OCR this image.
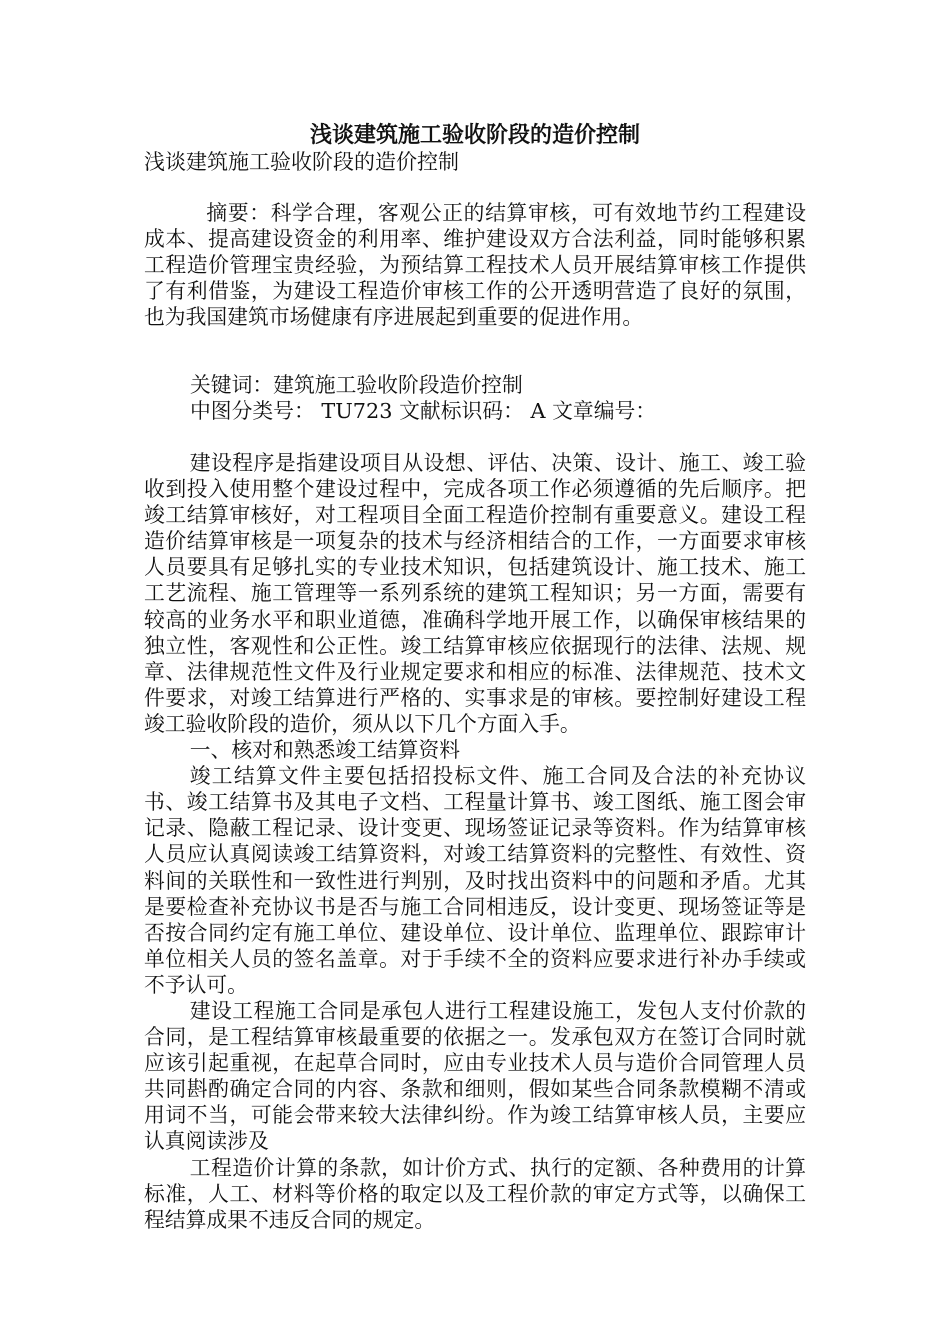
浅谈建筑施工验收阶段的造价控制
浅谈建筑施工验收阶段的造价控制

摘要：科学合理，客观公正的结算审核，可有效地节约工程建设成本、提高建设资金的利用率、维护建设双方合法利益，同时能够积累工程造价管理宝贵经验，为预结算工程技术人员开展结算审核工作提供了有利借鉴，为建设工程造价审核工作的公开透明营造了良好的氛围，也为我国建筑市场健康有序进展起到重要的促进作用。

关键词：建筑施工验收阶段造价控制
中图分类号： TU723 文献标识码： A 文章编号：

建设程序是指建设项目从设想、评估、决策、设计、施工、竣工验收到投入使用整个建设过程中，完成各项工作必须遵循的先后顺序。把竣工结算审核好，对工程项目全面工程造价控制有重要意义。建设工程造价结算审核是一项复杂的技术与经济相结合的工作，一方面要求审核人员要具有足够扎实的专业技术知识，包括建筑设计、施工技术、施工工艺流程、施工管理等一系列系统的建筑工程知识；另一方面，需要有较高的业务水平和职业道德，准确科学地开展工作，以确保审核结果的独立性，客观性和公正性。竣工结算审核应依据现行的法律、法规、规章、法律规范性文件及行业规定要求和相应的标准、法律规范、技术文件要求，对竣工结算进行严格的、实事求是的审核。要控制好建设工程竣工验收阶段的造价，须从以下几个方面入手。

一、核对和熟悉竣工结算资料

竣工结算文件主要包括招投标文件、施工合同及合法的补充协议书、竣工结算书及其电子文档、工程量计算书、竣工图纸、施工图会审记录、隐蔽工程记录、设计变更、现场签证记录等资料。作为结算审核人员应认真阅读竣工结算资料，对竣工结算资料的完整性、有效性、资料间的关联性和一致性进行判别，及时找出资料中的问题和矛盾。尤其是要检查补充协议书是否与施工合同相违反，设计变更、现场签证等是否按合同约定有施工单位、建设单位、设计单位、监理单位、跟踪审计单位相关人员的签名盖章。对于手续不全的资料应要求进行补办手续或不予认可。

建设工程施工合同是承包人进行工程建设施工，发包人支付价款的合同，是工程结算审核最重要的依据之一。发承包双方在签订合同时就应该引起重视，在起草合同时，应由专业技术人员与造价合同管理人员共同斟酌确定合同的内容、条款和细则，假如某些合同条款模糊不清或用词不当，可能会带来较大法律纠纷。作为竣工结算审核人员，主要应认真阅读涉及

工程造价计算的条款，如计价方式、执行的定额、各种费用的计算标准，人工、材料等价格的取定以及工程价款的审定方式等，以确保工程结算成果不违反合同的规定。
